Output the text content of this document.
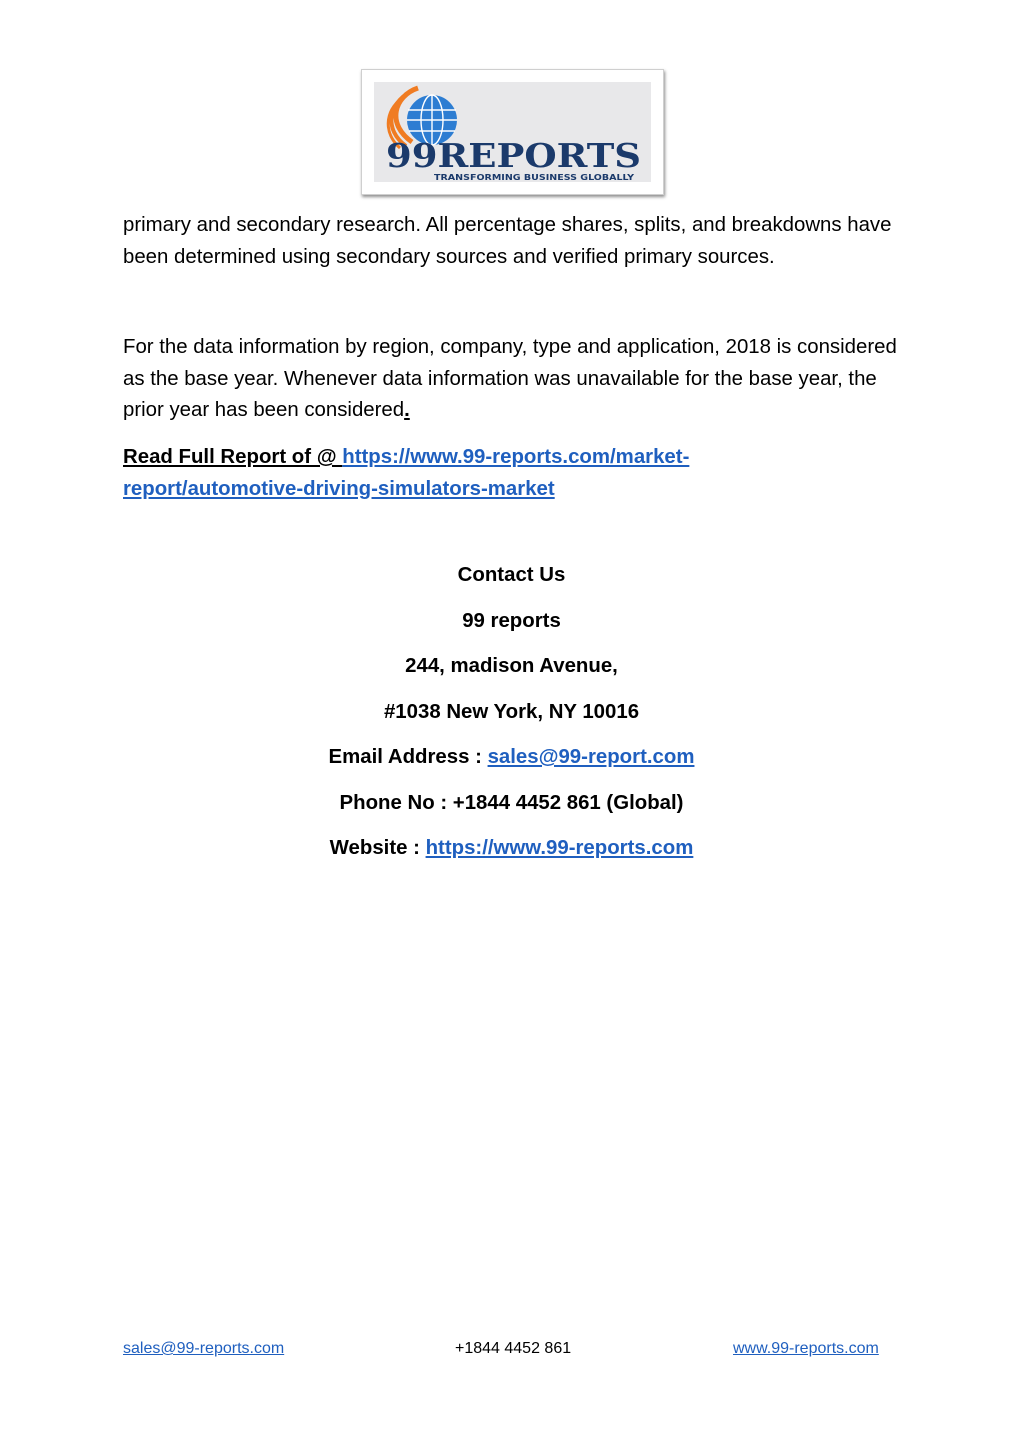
99REPORTS
TRANSFORMING BUSINESS GLOBALLY

primary and secondary research. All percentage shares, splits, and breakdowns have been determined using secondary sources and verified primary sources.

For the data information by region, company, type and application, 2018 is considered as the base year. Whenever data information was unavailable for the base year, the prior year has been considered.

Read Full Report of @ https://www.99-reports.com/market-
report/automotive-driving-simulators-market

Contact Us

99 reports

244, madison Avenue,

#1038 New York, NY 10016

Email Address : sales@99-report.com

Phone No : +1844 4452 861 (Global)

Website : https://www.99-reports.com

sales@99-reports.com	+1844 4452 861	www.99-reports.com
